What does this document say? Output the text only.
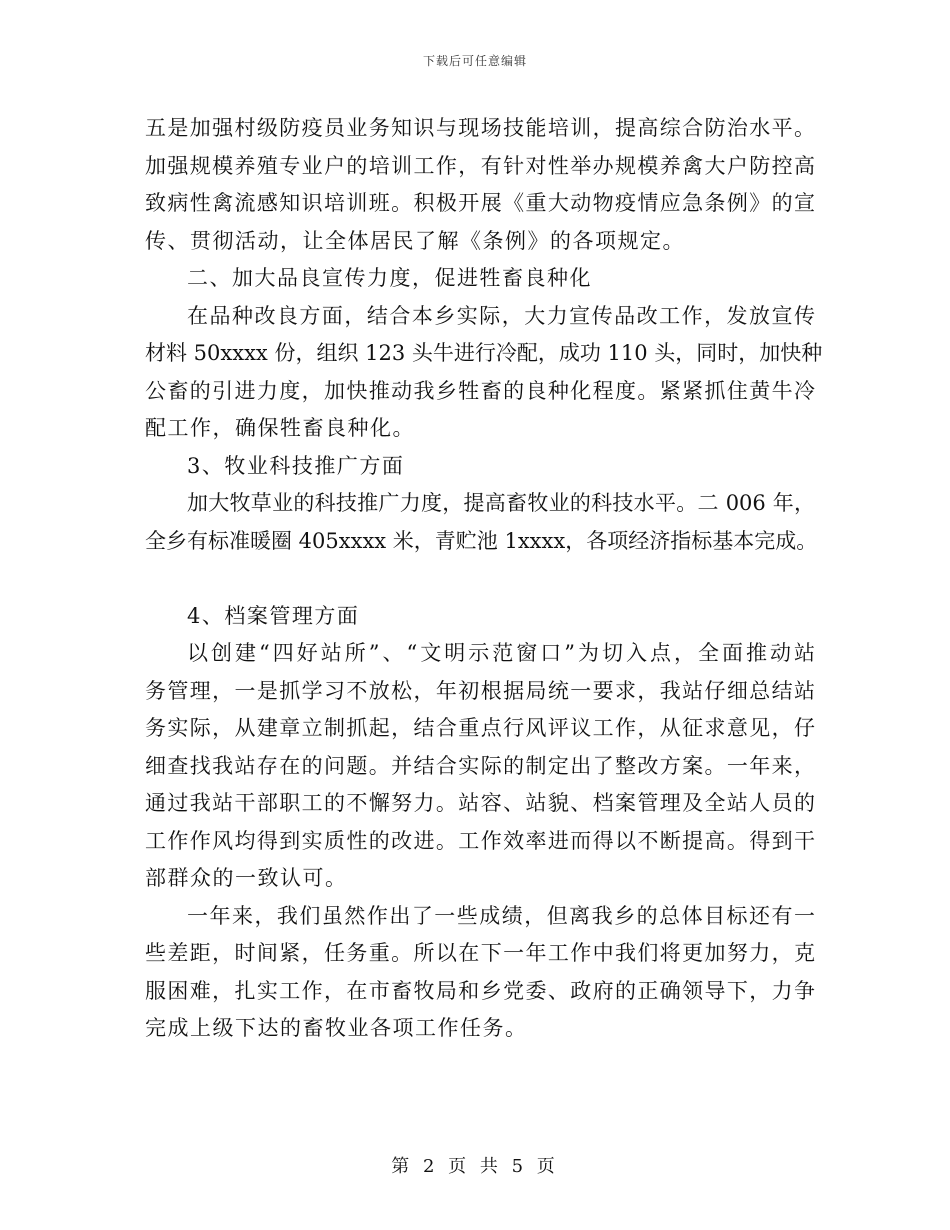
下载后可任意编辑
五是加强村级防疫员业务知识与现场技能培训，提高综合防治水平。
加强规模养殖专业户的培训工作，有针对性举办规模养禽大户防控高
致病性禽流感知识培训班。积极开展《重大动物疫情应急条例》的宣
传、贯彻活动，让全体居民了解《条例》的各项规定。
二、加大品良宣传力度，促进牲畜良种化
在品种改良方面，结合本乡实际，大力宣传品改工作，发放宣传
材料 50xxxx 份，组织 123 头牛进行冷配，成功 110 头，同时，加快种
公畜的引进力度，加快推动我乡牲畜的良种化程度。紧紧抓住黄牛冷
配工作，确保牲畜良种化。
3、牧业科技推广方面
加大牧草业的科技推广力度，提高畜牧业的科技水平。二 006 年，
全乡有标准暖圈 405xxxx 米，青贮池 1xxxx，各项经济指标基本完成。
4、档案管理方面
以创建“四好站所”、“文明示范窗口”为切入点，全面推动站
务管理，一是抓学习不放松，年初根据局统一要求，我站仔细总结站
务实际，从建章立制抓起，结合重点行风评议工作，从征求意见，仔
细查找我站存在的问题。并结合实际的制定出了整改方案。一年来，
通过我站干部职工的不懈努力。站容、站貌、档案管理及全站人员的
工作作风均得到实质性的改进。工作效率进而得以不断提高。得到干
部群众的一致认可。
一年来，我们虽然作出了一些成绩，但离我乡的总体目标还有一
些差距，时间紧，任务重。所以在下一年工作中我们将更加努力，克
服困难，扎实工作，在市畜牧局和乡党委、政府的正确领导下，力争
完成上级下达的畜牧业各项工作任务。
第 2 页 共 5 页
